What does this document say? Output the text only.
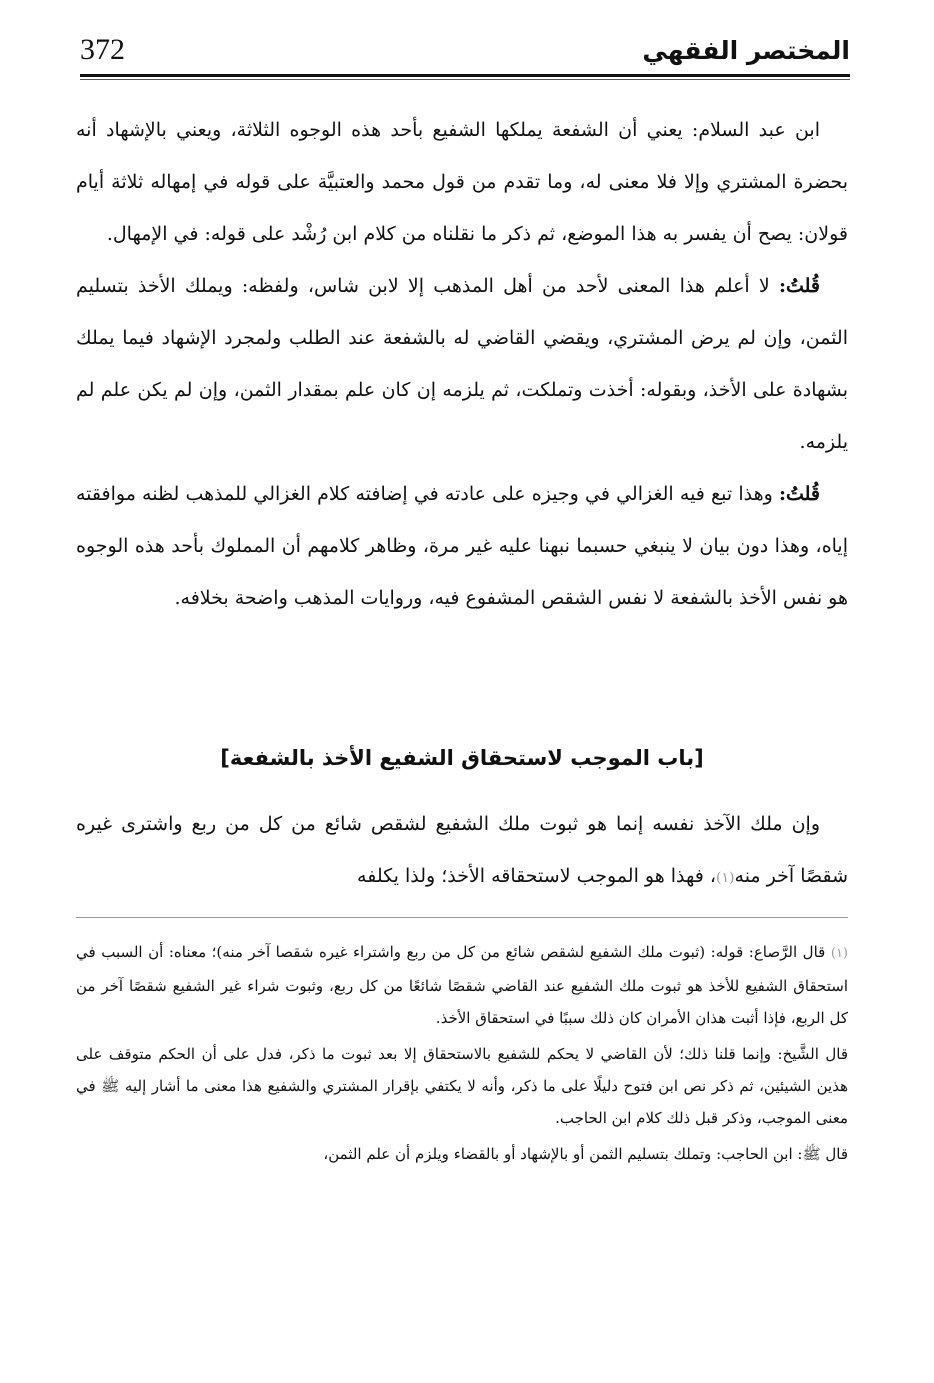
372	المختصر الفقهي

ابن عبد السلام: يعني أن الشفعة يملكها الشفيع بأحد هذه الوجوه الثلاثة، ويعني بالإشهاد أنه بحضرة المشتري وإلا فلا معنى له، وما تقدم من قول محمد والعتبيَّة على قوله في إمهاله ثلاثة أيام قولان: يصح أن يفسر به هذا الموضع، ثم ذكر ما نقلناه من كلام ابن رُشْد على قوله: في الإمهال.

قُلتُ: لا أعلم هذا المعنى لأحد من أهل المذهب إلا لابن شاس، ولفظه: ويملك الأخذ بتسليم الثمن، وإن لم يرض المشتري، ويقضي القاضي له بالشفعة عند الطلب ولمجرد الإشهاد فيما يملك بشهادة على الأخذ، وبقوله: أخذت وتملكت، ثم يلزمه إن كان علم بمقدار الثمن، وإن لم يكن علم لم يلزمه.

قُلتُ: وهذا تبع فيه الغزالي في وجيزه على عادته في إضافته كلام الغزالي للمذهب لظنه موافقته إياه، وهذا دون بيان لا ينبغي حسبما نبهنا عليه غير مرة، وظاهر كلامهم أن المملوك بأحد هذه الوجوه هو نفس الأخذ بالشفعة لا نفس الشقص المشفوع فيه، وروايات المذهب واضحة بخلافه.

[باب الموجب لاستحقاق الشفيع الأخذ بالشفعة]

وإن ملك الآخذ نفسه إنما هو ثبوت ملك الشفيع لشقص شائع من كل من ربع واشترى غيره شقصًا آخر منه(١)، فهذا هو الموجب لاستحقاقه الأخذ؛ ولذا يكلفه

(١) قال الرَّصاع: قوله: (ثبوت ملك الشفيع لشقص شائع من كل من ربع واشتراء غيره شقصا آخر منه)؛ معناه: أن السبب في استحقاق الشفيع للأخذ هو ثبوت ملك الشفيع عند القاضي شقصًا شائعًا من كل ربع، وثبوت شراء غير الشفيع شقصًا آخر من كل الربع، فإذا أثبت هذان الأمران كان ذلك سببًا في استحقاق الأخذ.

قال الشَّيخ: وإنما قلنا ذلك؛ لأن القاضي لا يحكم للشفيع بالاستحقاق إلا بعد ثبوت ما ذكر، فدل على أن الحكم متوقف على هذين الشيئين، ثم ذكر نص ابن فتوح دليلًا على ما ذكر، وأنه لا يكتفي بإقرار المشتري والشفيع هذا معنى ما أشار إليه ﷺ في معنى الموجب، وذكر قبل ذلك كلام ابن الحاجب.

قال ﷺ: ابن الحاجب: وتملك بتسليم الثمن أو بالإشهاد أو بالقضاء ويلزم أن علم الثمن،
